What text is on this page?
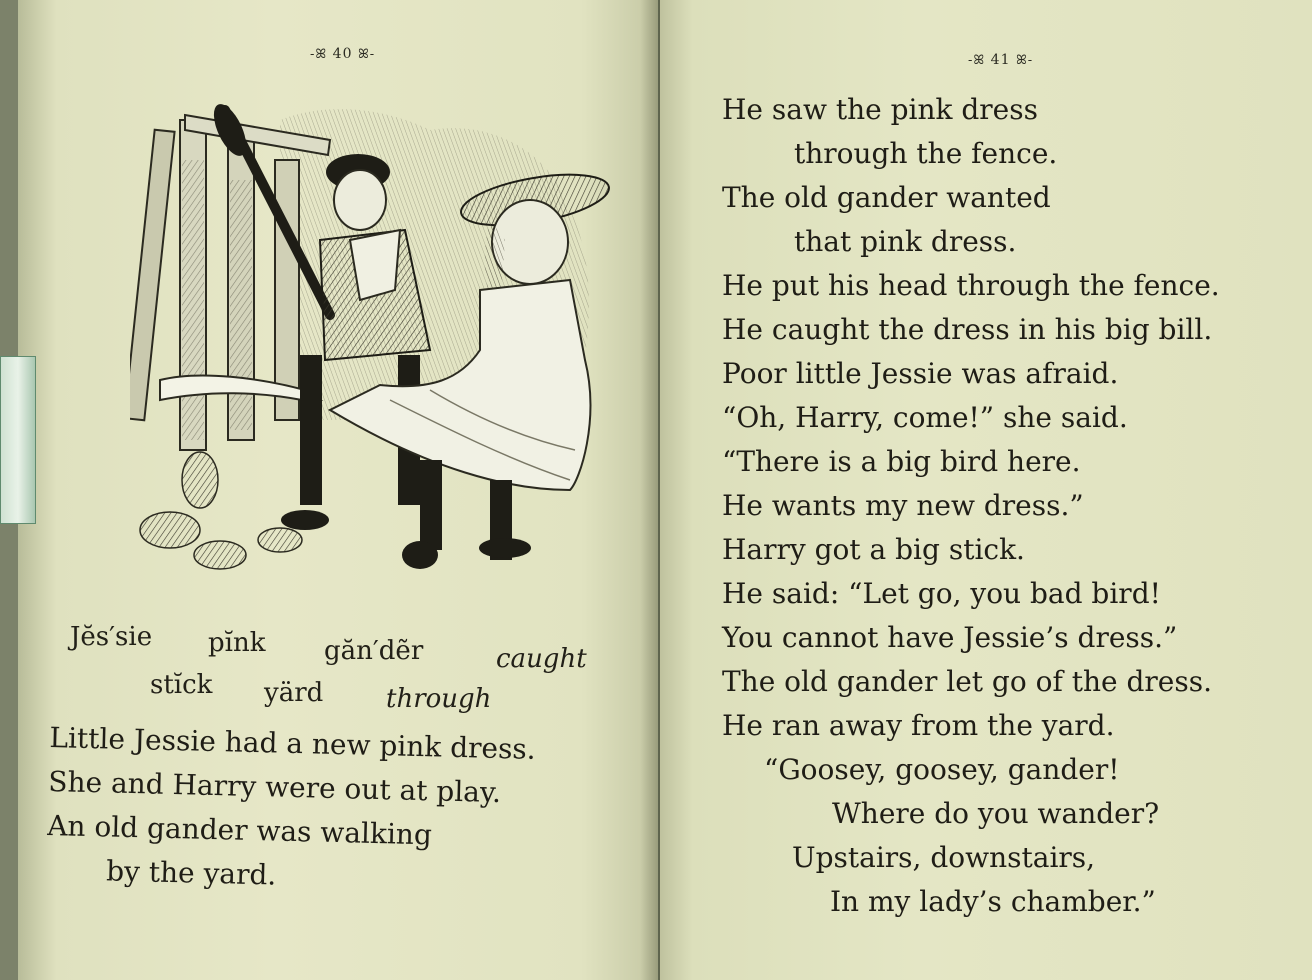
-ꕤ 40 ꕤ-
Jĕs′sie pĭnk găn′dẽr	caught
stĭck yärd through
Little Jessie had a new pink dress.
She and Harry were out at play.
An old gander was walking
by the yard.
-ꕤ 41 ꕤ-
He saw the pink dress
through the fence.
The old gander wanted
that pink dress.
He put his head through the fence.
He caught the dress in his big bill.
Poor little Jessie was afraid.
“Oh, Harry, come!” she said.
“There is a big bird here.
He wants my new dress.”
Harry got a big stick.
He said: “Let go, you bad bird!
You cannot have Jessie’s dress.”
The old gander let go of the dress.
He ran away from the yard.
“Goosey, goosey, gander!
Where do you wander?
Upstairs, downstairs,
In my lady’s chamber.”
